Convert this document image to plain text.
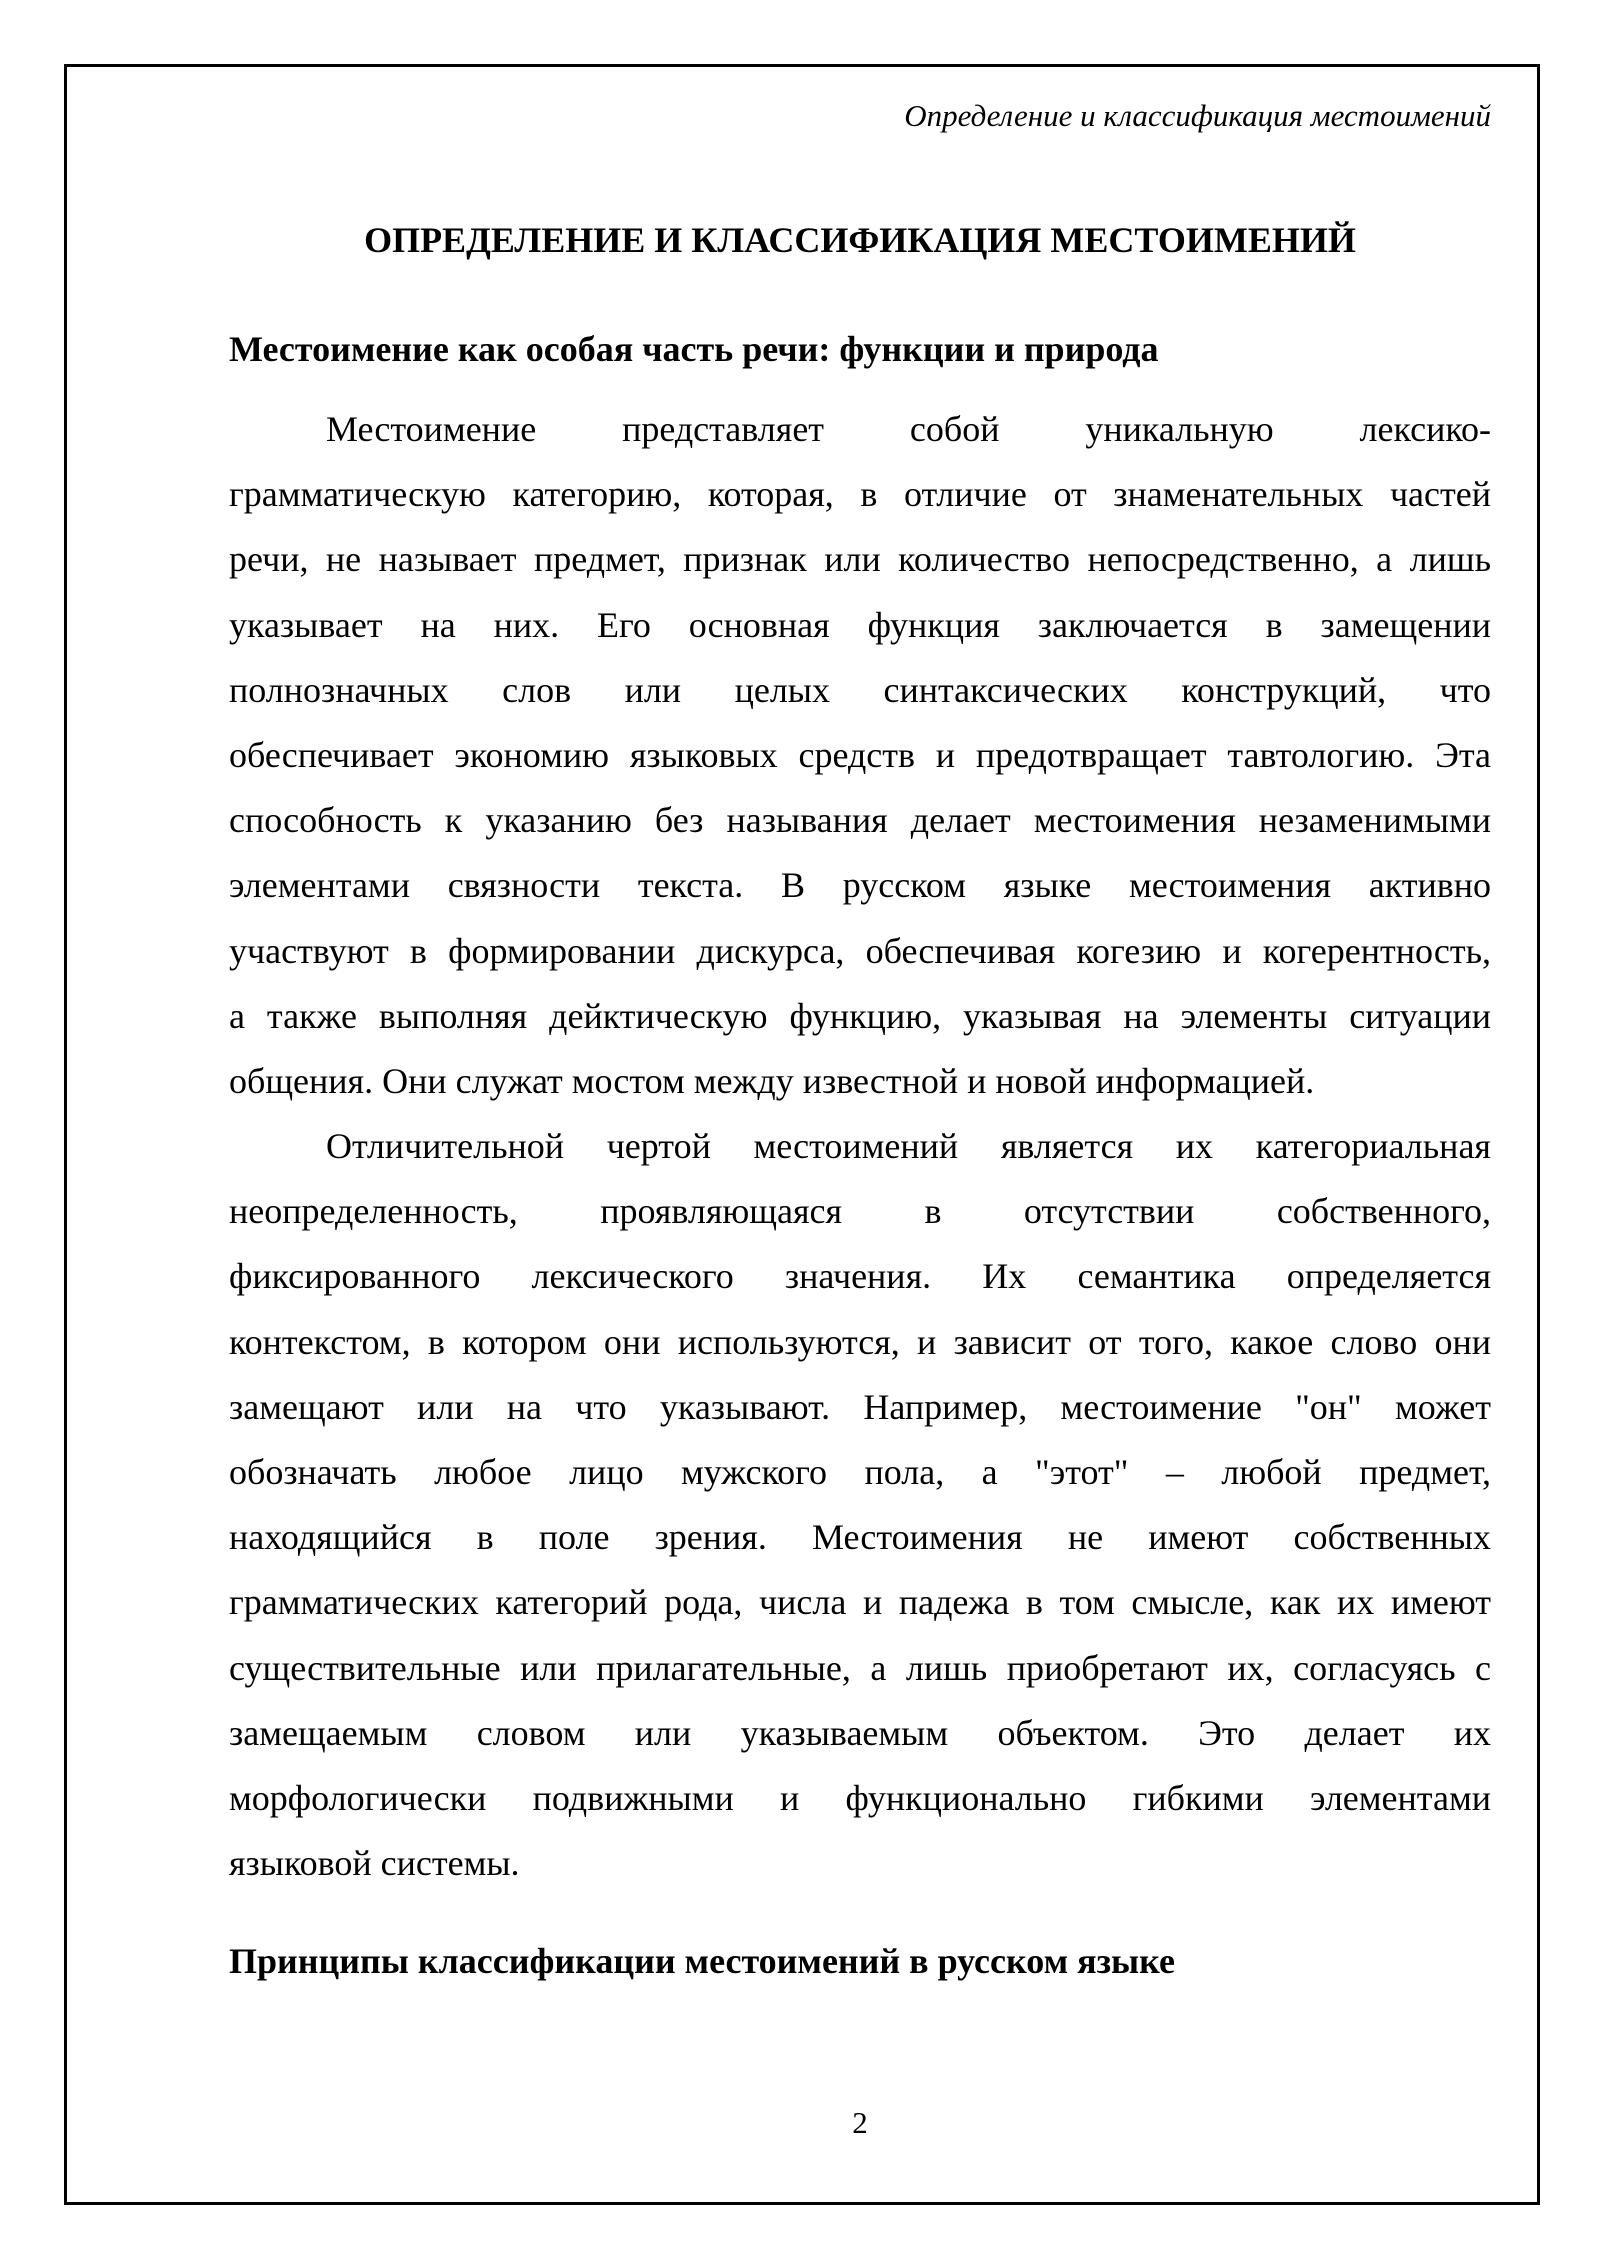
Определение и классификация местоимений
ОПРЕДЕЛЕНИЕ И КЛАССИФИКАЦИЯ МЕСТОИМЕНИЙ
Местоимение как особая часть речи: функции и природа
Местоимение представляет собой уникальную лексико-
грамматическую категорию, которая, в отличие от знаменательных частей
речи, не называет предмет, признак или количество непосредственно, а лишь
указывает на них. Его основная функция заключается в замещении
полнозначных слов или целых синтаксических конструкций, что
обеспечивает экономию языковых средств и предотвращает тавтологию. Эта
способность к указанию без называния делает местоимения незаменимыми
элементами связности текста. В русском языке местоимения активно
участвуют в формировании дискурса, обеспечивая когезию и когерентность,
а также выполняя дейктическую функцию, указывая на элементы ситуации
общения. Они служат мостом между известной и новой информацией.
Отличительной чертой местоимений является их категориальная
неопределенность, проявляющаяся в отсутствии собственного,
фиксированного лексического значения. Их семантика определяется
контекстом, в котором они используются, и зависит от того, какое слово они
замещают или на что указывают. Например, местоимение "он" может
обозначать любое лицо мужского пола, а "этот" – любой предмет,
находящийся в поле зрения. Местоимения не имеют собственных
грамматических категорий рода, числа и падежа в том смысле, как их имеют
существительные или прилагательные, а лишь приобретают их, согласуясь с
замещаемым словом или указываемым объектом. Это делает их
морфологически подвижными и функционально гибкими элементами
языковой системы.
Принципы классификации местоимений в русском языке
2
